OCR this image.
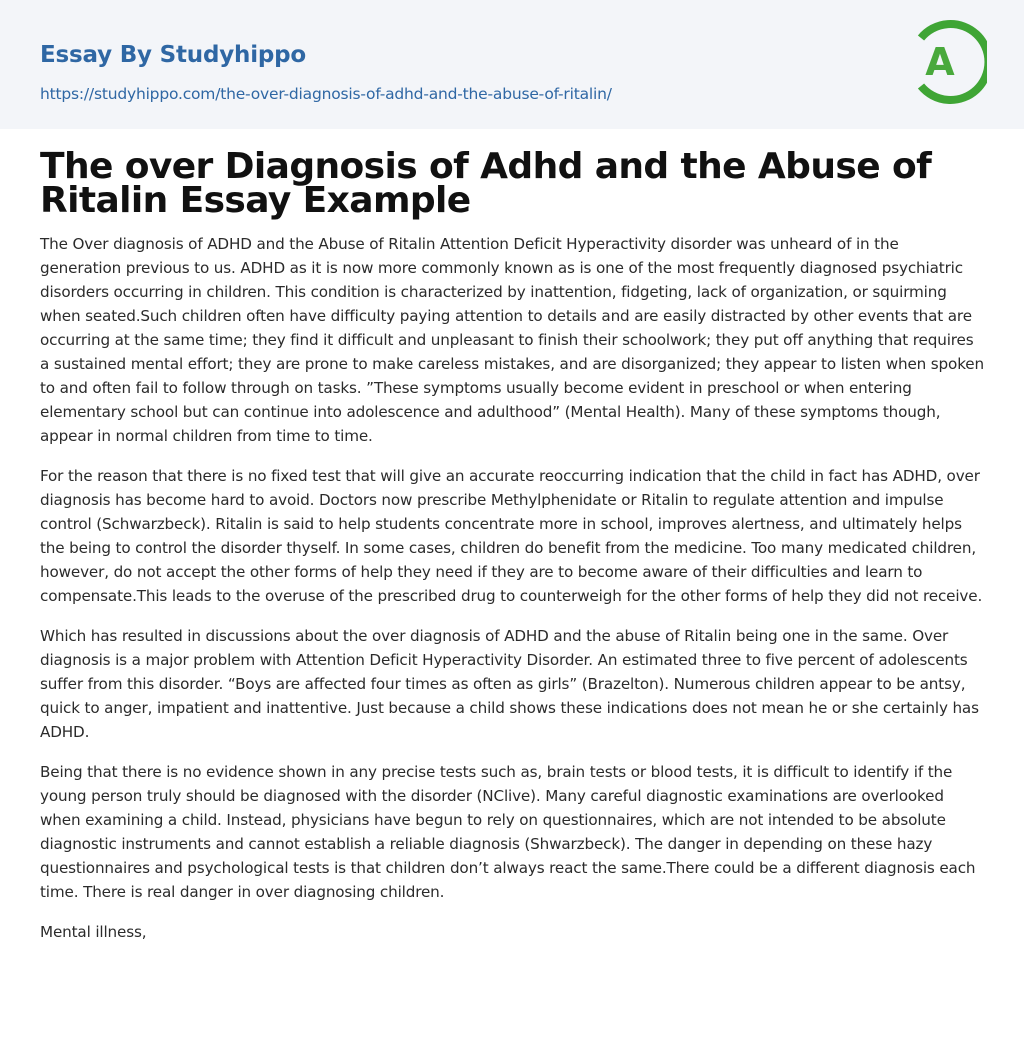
Essay By Studyhippo
https://studyhippo.com/the-over-diagnosis-of-adhd-and-the-abuse-of-ritalin/
A
The over Diagnosis of Adhd and the Abuse of Ritalin Essay Example

The Over diagnosis of ADHD and the Abuse of Ritalin Attention Deficit Hyperactivity disorder was unheard of in the generation previous to us. ADHD as it is now more commonly known as is one of the most frequently diagnosed psychiatric disorders occurring in children. This condition is characterized by inattention, fidgeting, lack of organization, or squirming when seated.Such children often have difficulty paying attention to details and are easily distracted by other events that are occurring at the same time; they find it difficult and unpleasant to finish their schoolwork; they put off anything that requires a sustained mental effort; they are prone to make careless mistakes, and are disorganized; they appear to listen when spoken to and often fail to follow through on tasks. ”These symptoms usually become evident in preschool or when entering elementary school but can continue into adolescence and adulthood” (Mental Health). Many of these symptoms though, appear in normal children from time to time.

For the reason that there is no fixed test that will give an accurate reoccurring indication that the child in fact has ADHD, over diagnosis has become hard to avoid. Doctors now prescribe Methylphenidate or Ritalin to regulate attention and impulse control (Schwarzbeck). Ritalin is said to help students concentrate more in school, improves alertness, and ultimately helps the being to control the disorder thyself. In some cases, children do benefit from the medicine. Too many medicated children, however, do not accept the other forms of help they need if they are to become aware of their difficulties and learn to compensate.This leads to the overuse of the prescribed drug to counterweigh for the other forms of help they did not receive.

Which has resulted in discussions about the over diagnosis of ADHD and the abuse of Ritalin being one in the same. Over diagnosis is a major problem with Attention Deficit Hyperactivity Disorder. An estimated three to five percent of adolescents suffer from this disorder. “Boys are affected four times as often as girls” (Brazelton). Numerous children appear to be antsy, quick to anger, impatient and inattentive. Just because a child shows these indications does not mean he or she certainly has ADHD.

Being that there is no evidence shown in any precise tests such as, brain tests or blood tests, it is difficult to identify if the young person truly should be diagnosed with the disorder (NClive). Many careful diagnostic examinations are overlooked when examining a child. Instead, physicians have begun to rely on questionnaires, which are not intended to be absolute diagnostic instruments and cannot establish a reliable diagnosis (Shwarzbeck). The danger in depending on these hazy questionnaires and psychological tests is that children don’t always react the same.There could be a different diagnosis each time. There is real danger in over diagnosing children.

Mental illness,
